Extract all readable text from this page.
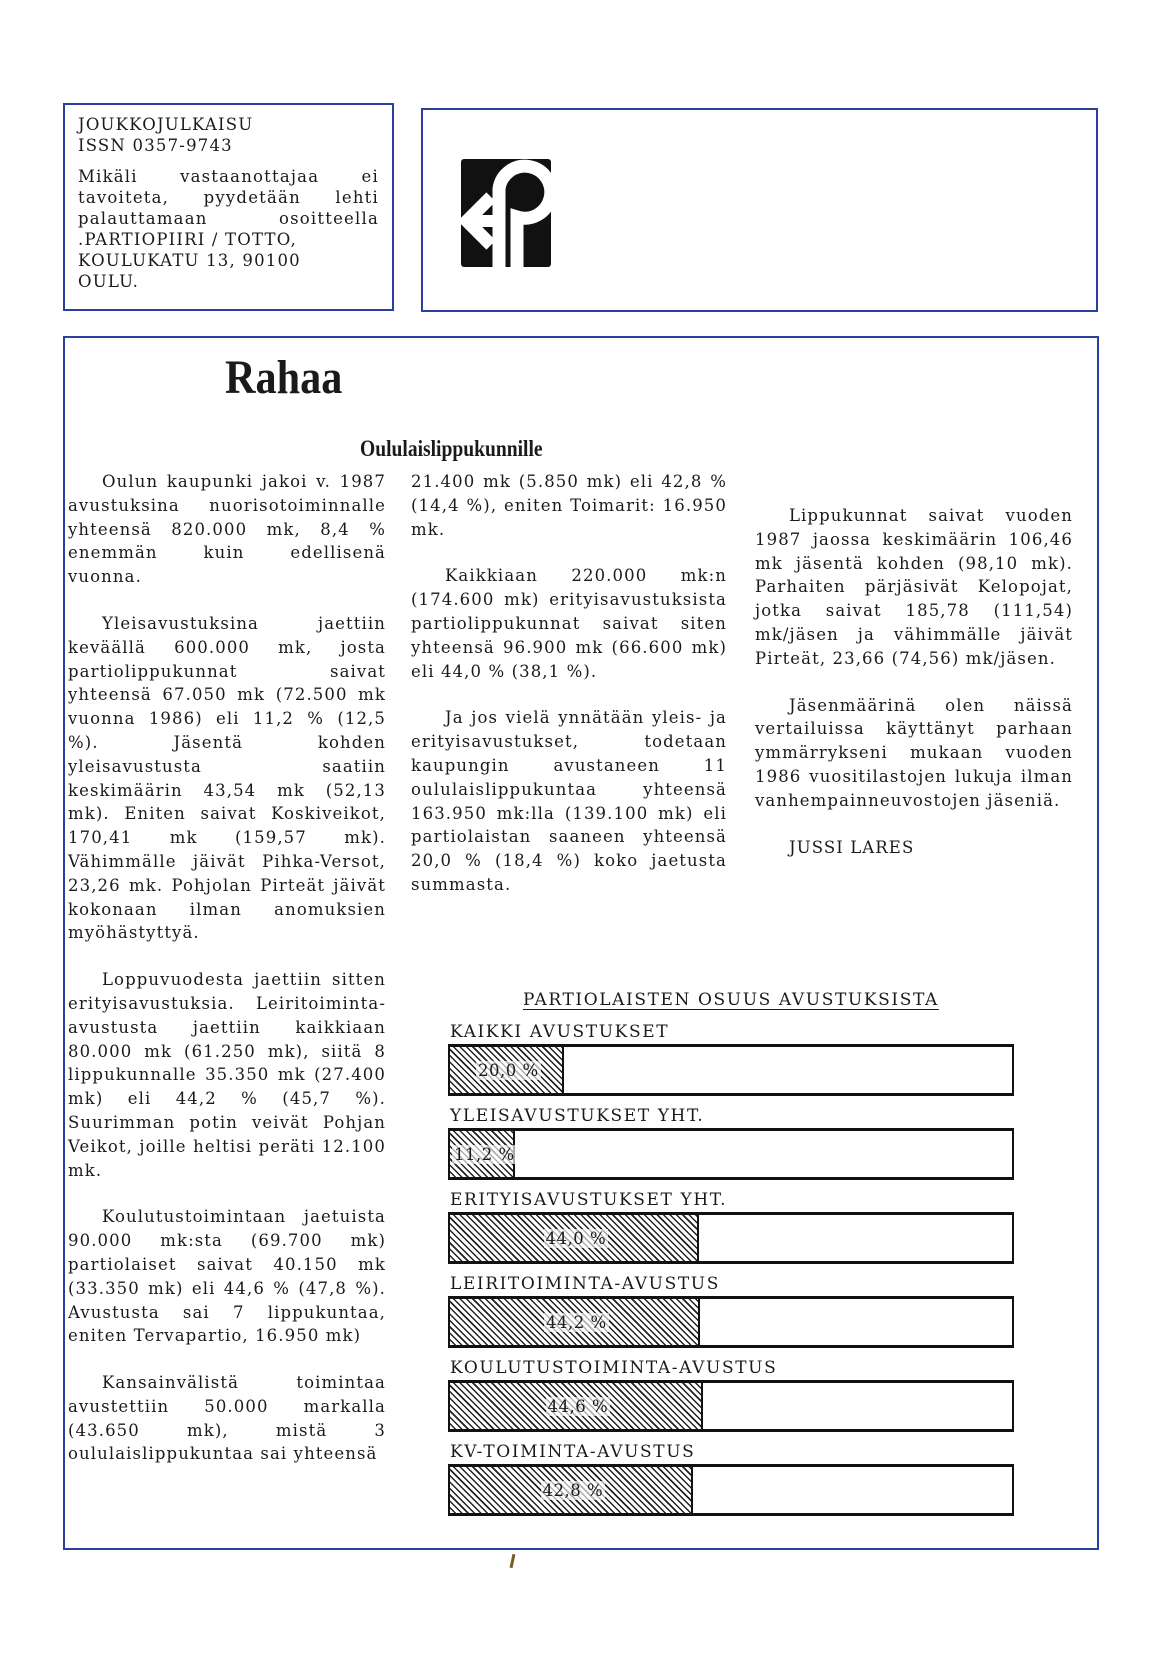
JOUKKOJULKAISU
ISSN 0357-9743
Mikäli vastaanottajaa ei
tavoiteta, pyydetään lehti
palauttamaan osoitteella
.PARTIOPIIRI / TOTTO,
KOULUKATU 13, 90100
OULU.
Rahaa
Oululaislippukunnille

Oulun kaupunki jakoi v. 1987 avustuksina nuorisotoiminnalle yhteensä 820.000 mk, 8,4 % enemmän kuin edellisenä vuonna.

Yleisavustuksina jaettiin keväällä 600.000 mk, josta partiolippukunnat saivat yhteensä 67.050 mk (72.500 mk vuonna 1986) eli 11,2 % (12,5 %). Jäsentä kohden yleisavustusta saatiin keskimäärin 43,54 mk (52,13 mk). Eniten saivat Koskiveikot, 170,41 mk (159,57 mk). Vähimmälle jäivät Pihka-Versot, 23,26 mk. Pohjolan Pirteät jäivät kokonaan ilman anomuksien myöhästyttyä.

Loppuvuodesta jaettiin sitten erityisavustuksia. Leiritoiminta-avustusta jaettiin kaikkiaan 80.000 mk (61.250 mk), siitä 8 lippukunnalle 35.350 mk (27.400 mk) eli 44,2 % (45,7 %). Suurimman potin veivät Pohjan Veikot, joille heltisi peräti 12.100 mk.

Koulutustoimintaan jaetuista 90.000 mk:sta (69.700 mk) partiolaiset saivat 40.150 mk (33.350 mk) eli 44,6 % (47,8 %). Avustusta sai 7 lippukuntaa, eniten Tervapartio, 16.950 mk)

Kansainvälistä toimintaa avustettiin 50.000 markalla (43.650 mk), mistä 3 oululaislippukuntaa sai yhteensä

21.400 mk (5.850 mk) eli 42,8 % (14,4 %), eniten Toimarit: 16.950 mk.

Kaikkiaan 220.000 mk:n (174.600 mk) erityisavustuksista partiolippukunnat saivat siten yhteensä 96.900 mk (66.600 mk) eli 44,0 % (38,1 %).

Ja jos vielä ynnätään yleis- ja erityisavustukset, todetaan kaupungin avustaneen 11 oululaislippukuntaa yhteensä 163.950 mk:lla (139.100 mk) eli partiolaistan saaneen yhteensä 20,0 % (18,4 %) koko jaetusta summasta.

Lippukunnat saivat vuoden 1987 jaossa keskimäärin 106,46 mk jäsentä kohden (98,10 mk). Parhaiten pärjäsivät Kelopojat, jotka saivat 185,78 (111,54) mk/jäsen ja vähimmälle jäivät Pirteät, 23,66 (74,56) mk/jäsen.

Jäsenmäärinä olen näissä vertailuissa käyttänyt parhaan ymmärrykseni mukaan vuoden 1986 vuositilastojen lukuja ilman vanhempainneuvostojen jäseniä.

JUSSI LARES

PARTIOLAISTEN OSUUS AVUSTUKSISTA
KAIKKI AVUSTUKSET
20,0 %
YLEISAVUSTUKSET YHT.
11,2 %
ERITYISAVUSTUKSET YHT.
44,0 %
LEIRITOIMINTA-AVUSTUS
44,2 %
KOULUTUSTOIMINTA-AVUSTUS
44,6 %
KV-TOIMINTA-AVUSTUS
42,8 %
